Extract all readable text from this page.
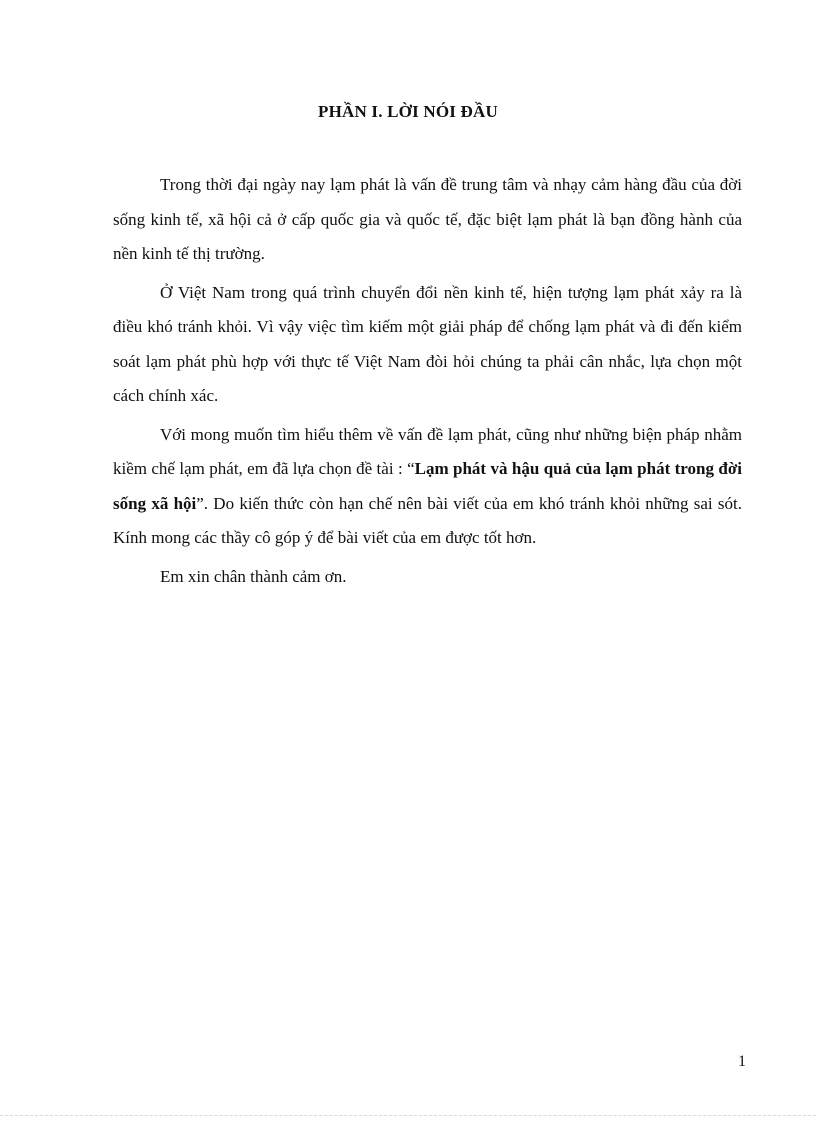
PHẦN I. LỜI NÓI ĐẦU

Trong thời đại ngày nay lạm phát là vấn đề trung tâm và nhạy cảm hàng đầu của đời sống kinh tế, xã hội cả ở cấp quốc gia và quốc tế, đặc biệt lạm phát là bạn đồng hành của nền kinh tế thị trường.

Ở Việt Nam trong quá trình chuyển đổi nền kinh tế, hiện tượng lạm phát xảy ra là điều khó tránh khỏi. Vì vậy việc tìm kiếm một giải pháp để chống lạm phát và đi đến kiểm soát lạm phát phù hợp với thực tế Việt Nam đòi hỏi chúng ta phải cân nhắc, lựa chọn một cách chính xác.

Với mong muốn tìm hiểu thêm về vấn đề lạm phát, cũng như những biện pháp nhằm kiềm chế lạm phát, em đã lựa chọn đề tài : “Lạm phát và hậu quả của lạm phát trong đời sống xã hội”. Do kiến thức còn hạn chế nên bài viết của em khó tránh khỏi những sai sót. Kính mong các thầy cô góp ý để bài viết của em được tốt hơn.

Em xin chân thành cảm ơn.

1
